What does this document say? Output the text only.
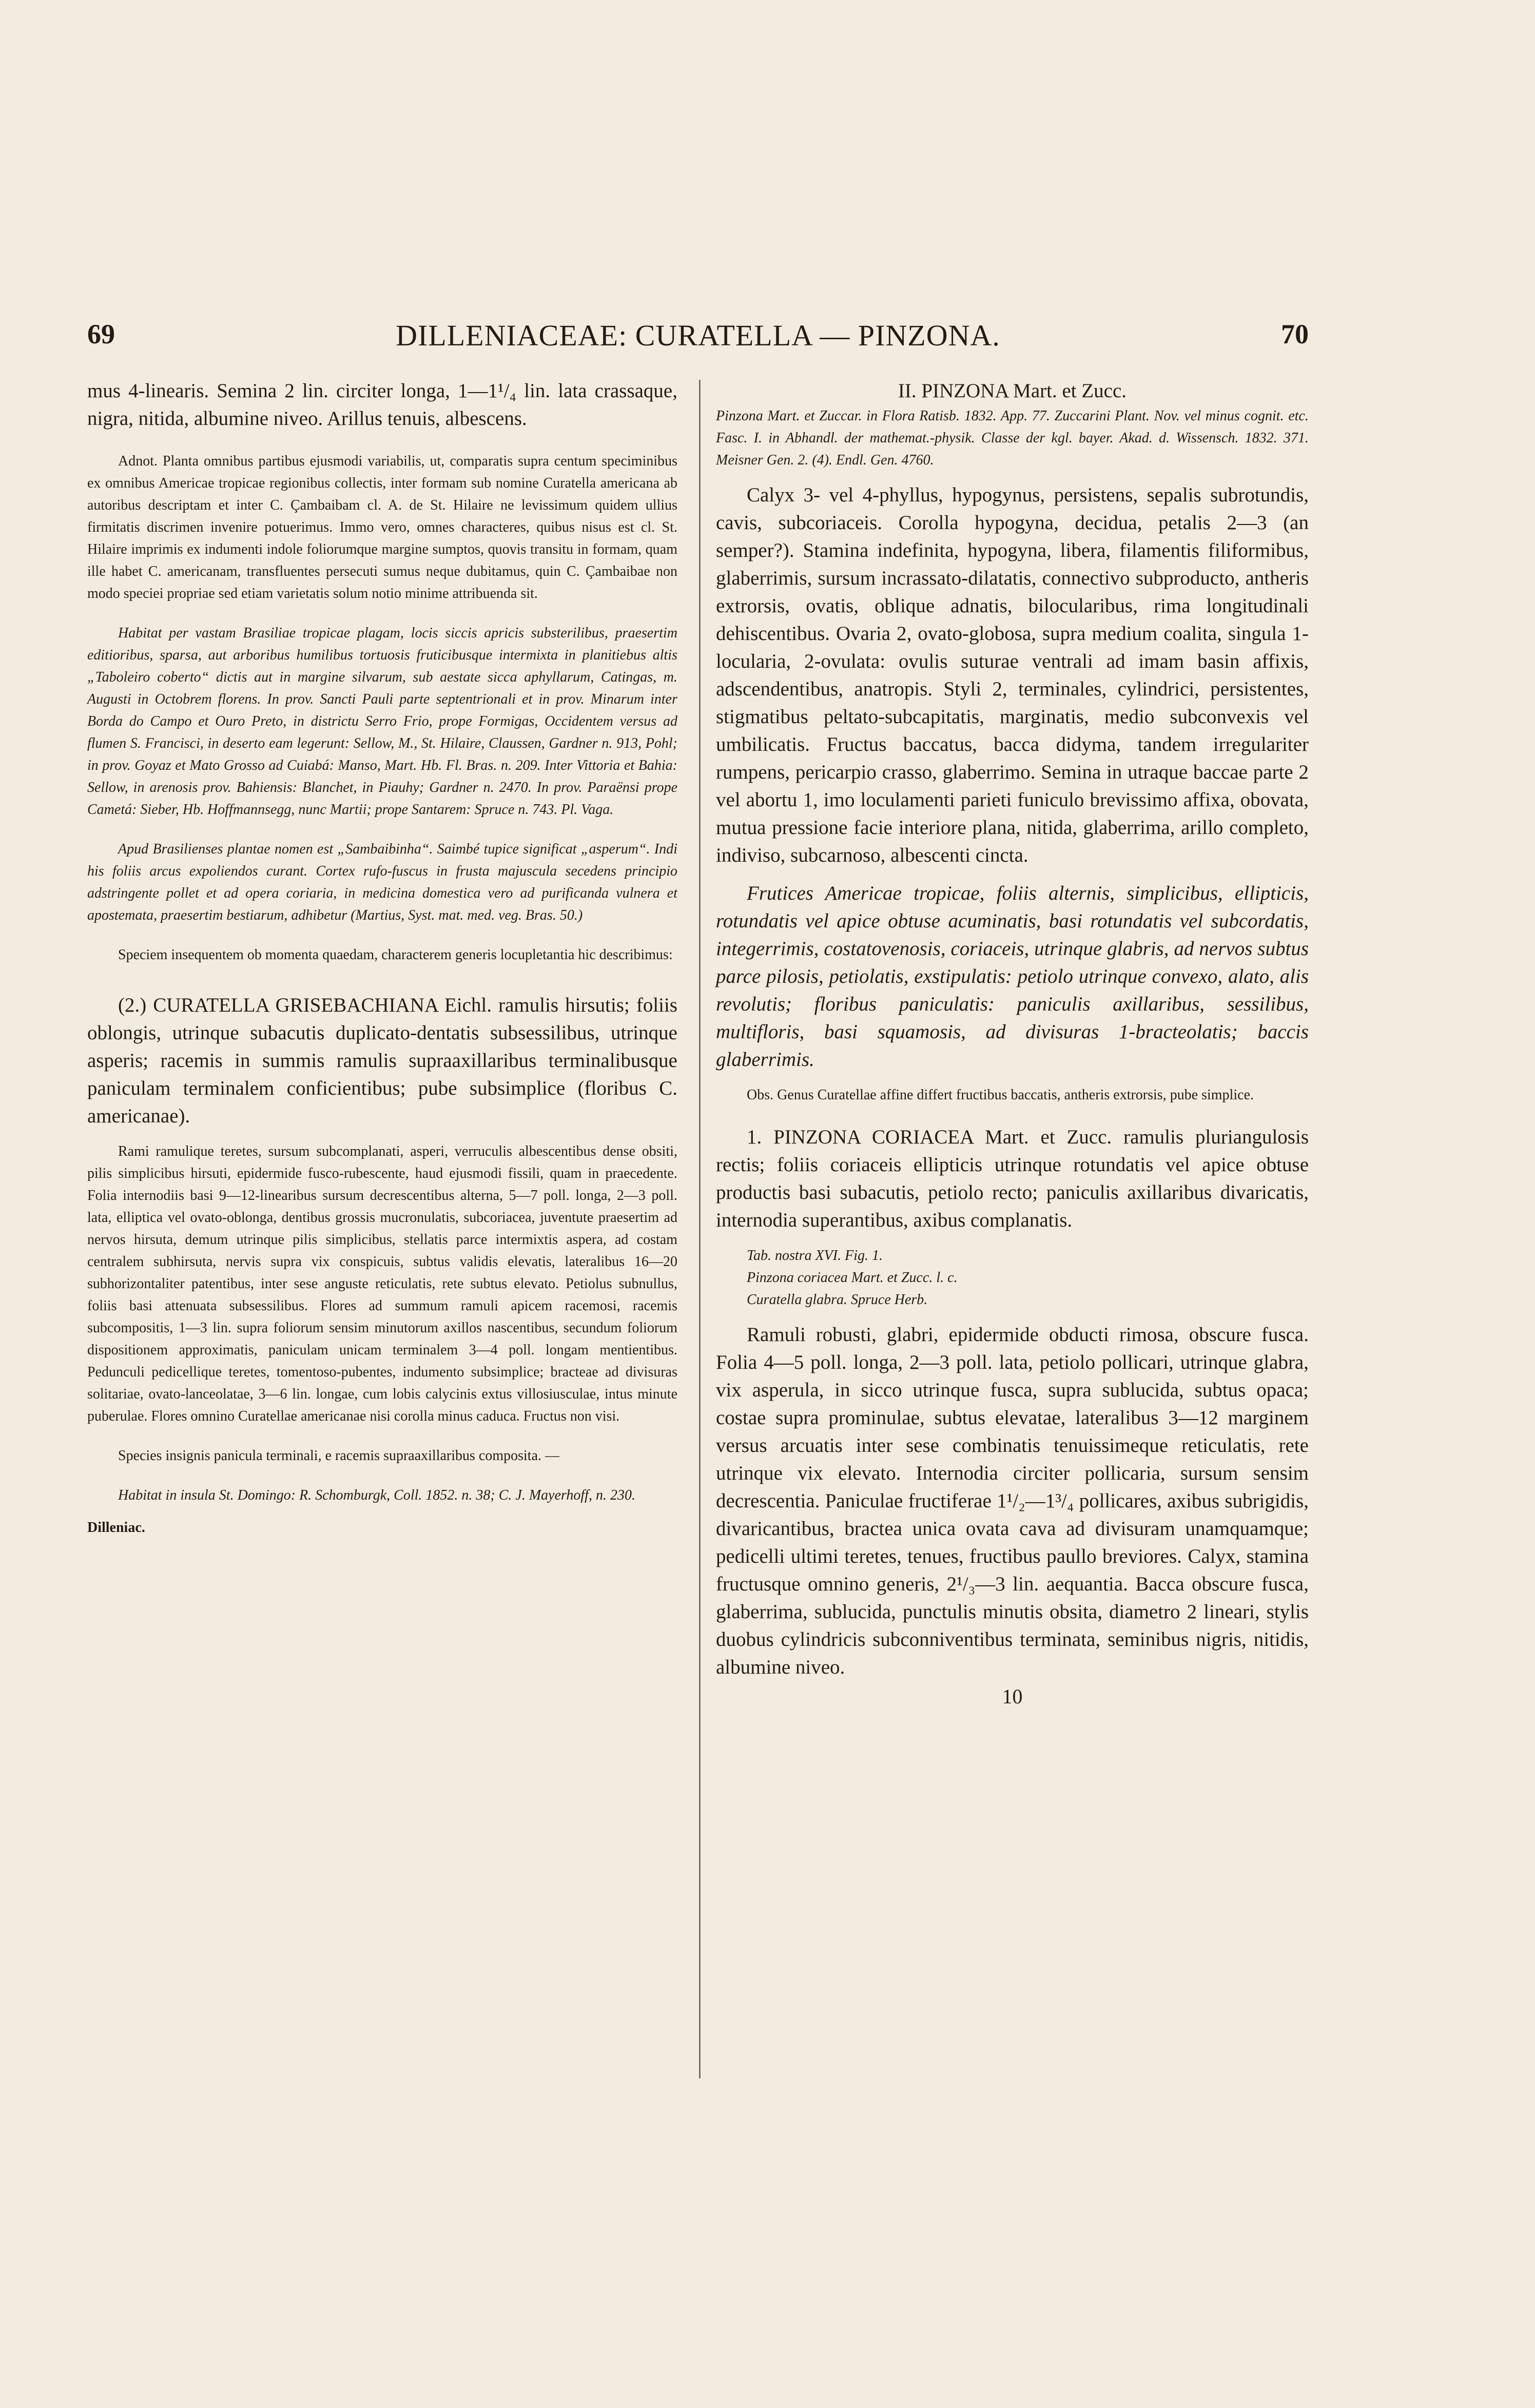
69	DILLENIACEAE: CURATELLA — PINZONA.	70

mus 4-linearis. Semina 2 lin. circiter longa, 1—1¹/₄ lin. lata crassaque, nigra, nitida, albumine niveo. Arillus tenuis, albescens.

Adnot. Planta omnibus partibus ejusmodi variabilis, ut, comparatis supra centum speciminibus ex omnibus Americae tropicae regionibus collectis, inter formam sub nomine Curatella americana ab autoribus descriptam et inter C. Çambaibam cl. A. de St. Hilaire ne levissimum quidem ullius firmitatis discrimen invenire potuerimus. Immo vero, omnes characteres, quibus nisus est cl. St. Hilaire imprimis ex indumenti indole foliorumque margine sumptos, quovis transitu in formam, quam ille habet C. americanam, transfluentes persecuti sumus neque dubitamus, quin C. Çambaibae non modo speciei propriae sed etiam varietatis solum notio minime attribuenda sit.

Habitat per vastam Brasiliae tropicae plagam, locis siccis apricis substerilibus, praesertim editioribus, sparsa, aut arboribus humilibus tortuosis fruticibusque intermixta in planitiebus altis „Taboleiro coberto“ dictis aut in margine silvarum, sub aestate sicca aphyllarum, Catingas, m. Augusti in Octobrem florens. In prov. Sancti Pauli parte septentrionali et in prov. Minarum inter Borda do Campo et Ouro Preto, in districtu Serro Frio, prope Formigas, Occidentem versus ad flumen S. Francisci, in deserto eam legerunt: Sellow, M., St. Hilaire, Claussen, Gardner n. 913, Pohl; in prov. Goyaz et Mato Grosso ad Cuiabá: Manso, Mart. Hb. Fl. Bras. n. 209. Inter Vittoria et Bahia: Sellow, in arenosis prov. Bahiensis: Blanchet, in Piauhy; Gardner n. 2470. In prov. Paraënsi prope Cametá: Sieber, Hb. Hoffmannsegg, nunc Martii; prope Santarem: Spruce n. 743. Pl. Vaga.

Apud Brasilienses plantae nomen est „Sambaibinha“. Saimbé tupice significat „asperum“. Indi his foliis arcus expoliendos curant. Cortex rufo-fuscus in frusta majuscula secedens principio adstringente pollet et ad opera coriaria, in medicina domestica vero ad purificanda vulnera et apostemata, praesertim bestiarum, adhibetur (Martius, Syst. mat. med. veg. Bras. 50.)

Speciem insequentem ob momenta quaedam, characterem generis locupletantia hic describimus:

(2.) CURATELLA GRISEBACHIANA Eichl. ramulis hirsutis; foliis oblongis, utrinque subacutis duplicato-dentatis subsessilibus, utrinque asperis; racemis in summis ramulis supraaxillaribus terminalibusque paniculam terminalem conficientibus; pube subsimplice (floribus C. americanae).

Rami ramulique teretes, sursum subcomplanati, asperi, verruculis albescentibus dense obsiti, pilis simplicibus hirsuti, epidermide fusco-rubescente, haud ejusmodi fissili, quam in praecedente. Folia internodiis basi 9—12-linearibus sursum decrescentibus alterna, 5—7 poll. longa, 2—3 poll. lata, elliptica vel ovato-oblonga, dentibus grossis mucronulatis, subcoriacea, juventute praesertim ad nervos hirsuta, demum utrinque pilis simplicibus, stellatis parce intermixtis aspera, ad costam centralem subhirsuta, nervis supra vix conspicuis, subtus validis elevatis, lateralibus 16—20 subhorizontaliter patentibus, inter sese anguste reticulatis, rete subtus elevato. Petiolus subnullus, foliis basi attenuata subsessilibus. Flores ad summum ramuli apicem racemosi, racemis subcompositis, 1—3 lin. supra foliorum sensim minutorum axillos nascentibus, secundum foliorum dispositionem approximatis, paniculam unicam terminalem 3—4 poll. longam mentientibus. Pedunculi pedicellique teretes, tomentoso-pubentes, indumento subsimplice; bracteae ad divisuras solitariae, ovato-lanceolatae, 3—6 lin. longae, cum lobis calycinis extus villosiusculae, intus minute puberulae. Flores omnino Curatellae americanae nisi corolla minus caduca. Fructus non visi.

Species insignis panicula terminali, e racemis supraaxillaribus composita. —

Habitat in insula St. Domingo: R. Schomburgk, Coll. 1852. n. 38; C. J. Mayerhoff, n. 230.

Dilleniac.

II. PINZONA Mart. et Zucc.

Pinzona Mart. et Zuccar. in Flora Ratisb. 1832. App. 77. Zuccarini Plant. Nov. vel minus cognit. etc. Fasc. I. in Abhandl. der mathemat.-physik. Classe der kgl. bayer. Akad. d. Wissensch. 1832. 371. Meisner Gen. 2. (4). Endl. Gen. 4760.

Calyx 3- vel 4-phyllus, hypogynus, persistens, sepalis subrotundis, cavis, subcoriaceis. Corolla hypogyna, decidua, petalis 2—3 (an semper?). Stamina indefinita, hypogyna, libera, filamentis filiformibus, glaberrimis, sursum incrassato-dilatatis, connectivo subproducto, antheris extrorsis, ovatis, oblique adnatis, bilocularibus, rima longitudinali dehiscentibus. Ovaria 2, ovato-globosa, supra medium coalita, singula 1-locularia, 2-ovulata: ovulis suturae ventrali ad imam basin affixis, adscendentibus, anatropis. Styli 2, terminales, cylindrici, persistentes, stigmatibus peltato-subcapitatis, marginatis, medio subconvexis vel umbilicatis. Fructus baccatus, bacca didyma, tandem irregulariter rumpens, pericarpio crasso, glaberrimo. Semina in utraque baccae parte 2 vel abortu 1, imo loculamenti parieti funiculo brevissimo affixa, obovata, mutua pressione facie interiore plana, nitida, glaberrima, arillo completo, indiviso, subcarnoso, albescenti cincta.

Frutices Americae tropicae, foliis alternis, simplicibus, ellipticis, rotundatis vel apice obtuse acuminatis, basi rotundatis vel subcordatis, integerrimis, costatovenosis, coriaceis, utrinque glabris, ad nervos subtus parce pilosis, petiolatis, exstipulatis: petiolo utrinque convexo, alato, alis revolutis; floribus paniculatis: paniculis axillaribus, sessilibus, multifloris, basi squamosis, ad divisuras 1-bracteolatis; baccis glaberrimis.

Obs. Genus Curatellae affine differt fructibus baccatis, antheris extrorsis, pube simplice.

1. PINZONA CORIACEA Mart. et Zucc. ramulis pluriangulosis rectis; foliis coriaceis ellipticis utrinque rotundatis vel apice obtuse productis basi subacutis, petiolo recto; paniculis axillaribus divaricatis, internodia superantibus, axibus complanatis.

Tab. nostra XVI. Fig. 1.

Pinzona coriacea Mart. et Zucc. l. c.

Curatella glabra. Spruce Herb.

Ramuli robusti, glabri, epidermide obducti rimosa, obscure fusca. Folia 4—5 poll. longa, 2—3 poll. lata, petiolo pollicari, utrinque glabra, vix asperula, in sicco utrinque fusca, supra sublucida, subtus opaca; costae supra prominulae, subtus elevatae, lateralibus 3—12 marginem versus arcuatis inter sese combinatis tenuissimeque reticulatis, rete utrinque vix elevato. Internodia circiter pollicaria, sursum sensim decrescentia. Paniculae fructiferae 1¹/₂—1³/₄ pollicares, axibus subrigidis, divaricantibus, bractea unica ovata cava ad divisuram unamquamque; pedicelli ultimi teretes, tenues, fructibus paullo breviores. Calyx, stamina fructusque omnino generis, 2¹/₃—3 lin. aequantia. Bacca obscure fusca, glaberrima, sublucida, punctulis minutis obsita, diametro 2 lineari, stylis duobus cylindricis subconniventibus terminata, seminibus nigris, nitidis, albumine niveo.

10
